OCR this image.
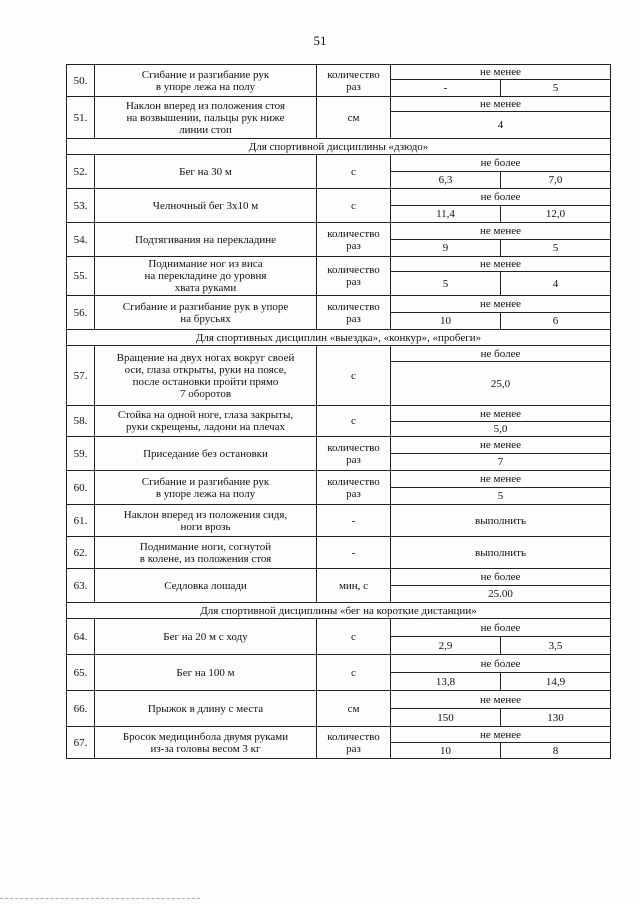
51
50.	Сгибание и разгибание рук
в упоре лежа на полу	количество
раз	не менее	
			-	5
51.	Наклон вперед из положения стоя
на возвышении, пальцы рук ниже
линии стоп	см	не менее	
			4	
Для спортивной дисциплины «дзюдо»				
52.	Бег на 30 м	с	не более	
			6,3	7,0
53.	Челночный бег 3x10 м	с	не более	
			11,4	12,0
54.	Подтягивания на перекладине	количество
раз	не менее	
			9	5
55.	Поднимание ног из виса
на перекладине до уровня
хвата руками	количество
раз	не менее	
			5	4
56.	Сгибание и разгибание рук в упоре
на брусьях	количество
раз	не менее	
			10	6
Для спортивных дисциплин «выездка», «конкур», «пробеги»				
57.	Вращение на двух ногах вокруг своей
оси, глаза открыты, руки на поясе,
после остановки пройти прямо
7 оборотов	с	не более	
			25,0	
58.	Стойка на одной ноге, глаза закрыты,
руки скрещены, ладони на плечах	с	не менее	
			5,0	
59.	Приседание без остановки	количество
раз	не менее	
			7	
60.	Сгибание и разгибание рук
в упоре лежа на полу	количество
раз	не менее	
			5	
61.	Наклон вперед из положения сидя,
ноги врозь	-	выполнить	
62.	Поднимание ноги, согнутой
в колене, из положения стоя	-	выполнить	
63.	Седловка лошади	мин, с	не более	
			25.00	
Для спортивной дисциплины «бег на короткие дистанции»				
64.	Бег на 20 м с ходу	с	не более	
			2,9	3,5
65.	Бег на 100 м	с	не более	
			13,8	14,9
66.	Прыжок в длину с места	см	не менее	
			150	130
67.	Бросок медицинбола двумя руками
из-за головы весом 3 кг	количество
раз	не менее	
			10	8
